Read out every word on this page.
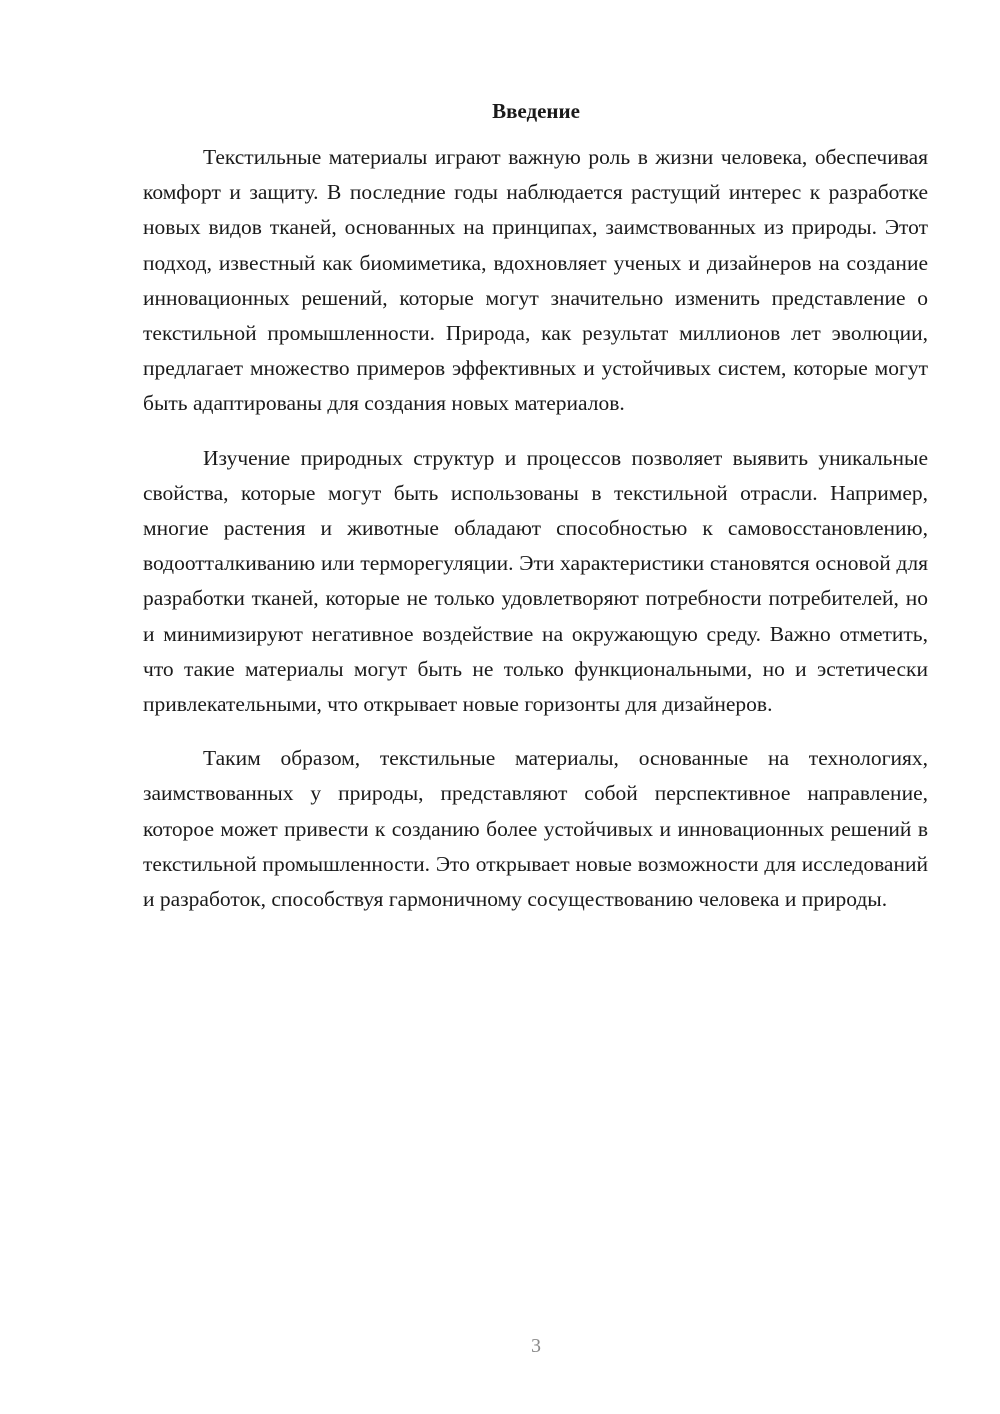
Введение

Текстильные материалы играют важную роль в жизни человека, обеспечивая комфорт и защиту. В последние годы наблюдается растущий интерес к разработке новых видов тканей, основанных на принципах, заимствованных из природы. Этот подход, известный как биомиметика, вдохновляет ученых и дизайнеров на создание инновационных решений, которые могут значительно изменить представление о текстильной промышленности. Природа, как результат миллионов лет эволюции, предлагает множество примеров эффективных и устойчивых систем, которые могут быть адаптированы для создания новых материалов.

Изучение природных структур и процессов позволяет выявить уникальные свойства, которые могут быть использованы в текстильной отрасли. Например, многие растения и животные обладают способностью к самовосстановлению, водоотталкиванию или терморегуляции. Эти характеристики становятся основой для разработки тканей, которые не только удовлетворяют потребности потребителей, но и минимизируют негативное воздействие на окружающую среду. Важно отметить, что такие материалы могут быть не только функциональными, но и эстетически привлекательными, что открывает новые горизонты для дизайнеров.

Таким образом, текстильные материалы, основанные на технологиях, заимствованных у природы, представляют собой перспективное направление, которое может привести к созданию более устойчивых и инновационных решений в текстильной промышленности. Это открывает новые возможности для исследований и разработок, способствуя гармоничному сосуществованию человека и природы.

3
